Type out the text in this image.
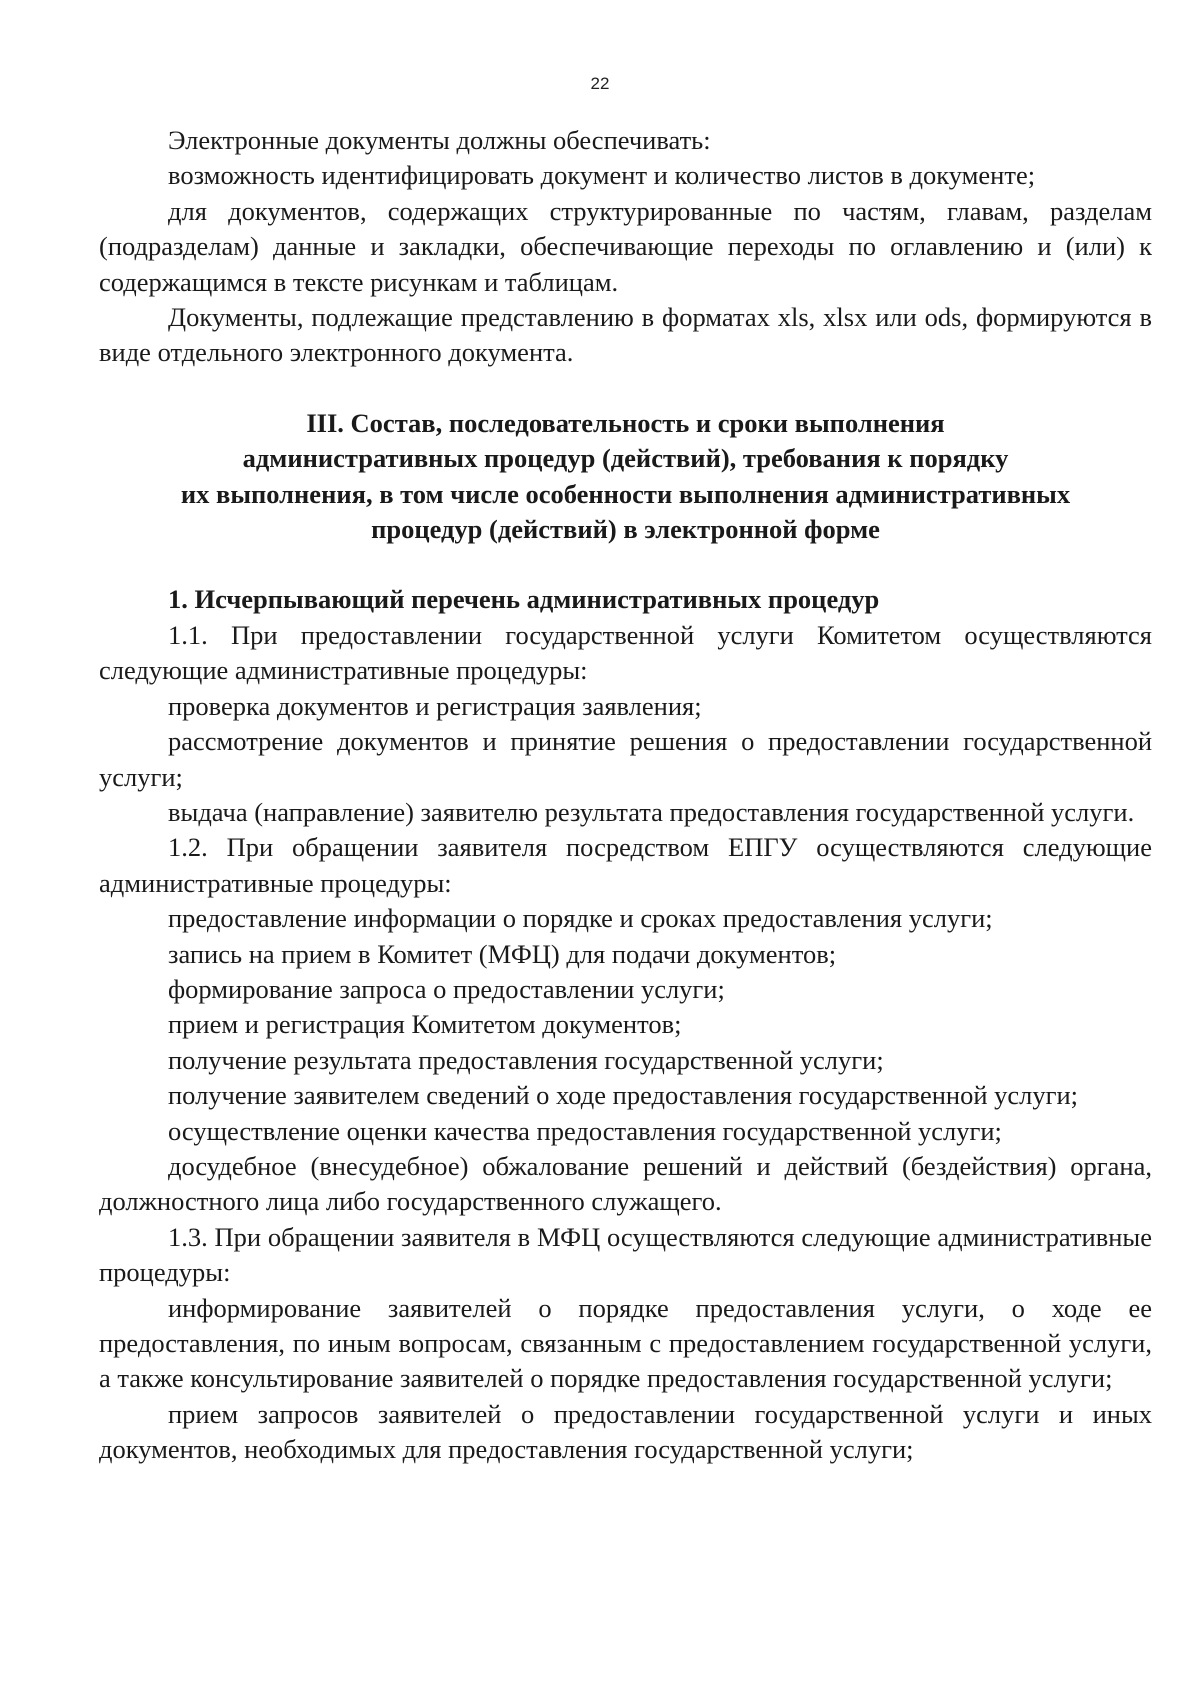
22

Электронные документы должны обеспечивать:

возможность идентифицировать документ и количество листов в документе;

для документов, содержащих структурированные по частям, главам, разделам (подразделам) данные и закладки, обеспечивающие переходы по оглавлению и (или) к содержащимся в тексте рисункам и таблицам.

Документы, подлежащие представлению в форматах xls, xlsx или ods, формируются в виде отдельного электронного документа.

III. Состав, последовательность и сроки выполнения
административных процедур (действий), требования к порядку
их выполнения, в том числе особенности выполнения административных
процедур (действий) в электронной форме
1. Исчерпывающий перечень административных процедур

1.1. При предоставлении государственной услуги Комитетом осуществляются следующие административные процедуры:

проверка документов и регистрация заявления;

рассмотрение документов и принятие решения о предоставлении государственной услуги;

выдача (направление) заявителю результата предоставления государственной услуги.

1.2. При обращении заявителя посредством ЕПГУ осуществляются следующие административные процедуры:

предоставление информации о порядке и сроках предоставления услуги;

запись на прием в Комитет (МФЦ) для подачи документов;

формирование запроса о предоставлении услуги;

прием и регистрация Комитетом документов;

получение результата предоставления государственной услуги;

получение заявителем сведений о ходе предоставления государственной услуги;

осуществление оценки качества предоставления государственной услуги;

досудебное (внесудебное) обжалование решений и действий (бездействия) органа, должностного лица либо государственного служащего.

1.3. При обращении заявителя в МФЦ осуществляются следующие административные процедуры:

информирование заявителей о порядке предоставления услуги, о ходе ее предоставления, по иным вопросам, связанным с предоставлением государственной услуги, а также консультирование заявителей о порядке предоставления государственной услуги;

прием запросов заявителей о предоставлении государственной услуги и иных документов, необходимых для предоставления государственной услуги;
